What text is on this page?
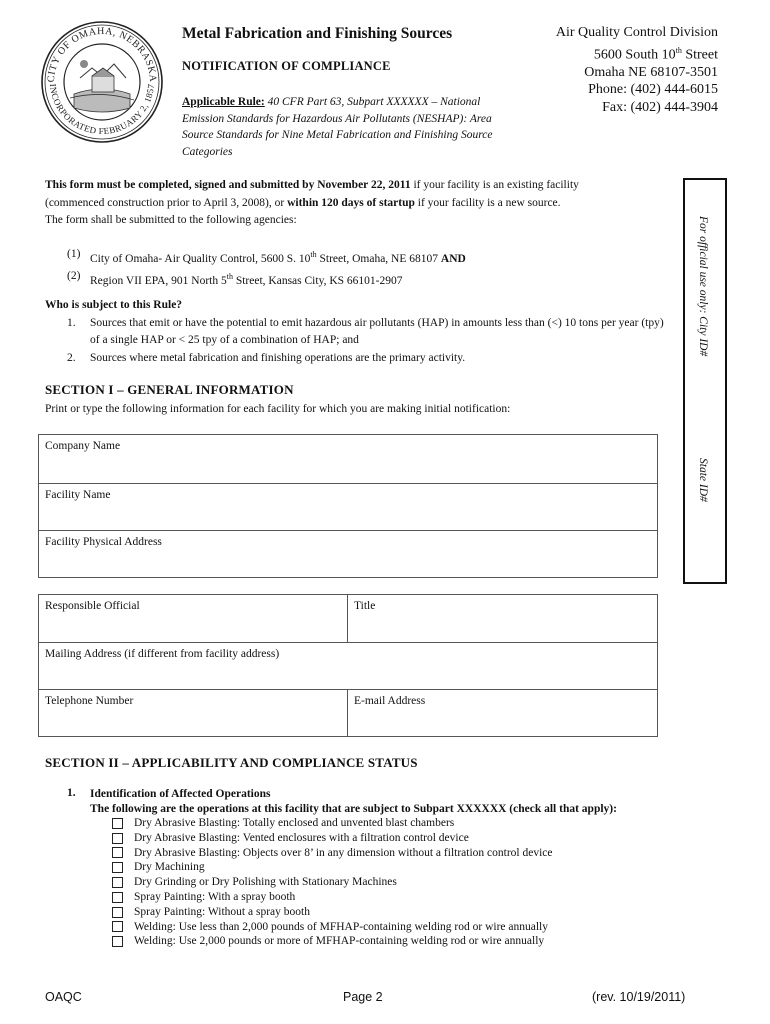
CITY OF OMAHA, NEBRASKA
INCORPORATED FEBRUARY 2, 1857
Metal Fabrication and Finishing Sources
NOTIFICATION OF COMPLIANCE
Applicable Rule: 40 CFR Part 63, Subpart XXXXXX – National Emission Standards for Hazardous Air Pollutants (NESHAP): Area Source Standards for Nine Metal Fabrication and Finishing Source Categories
Air Quality Control Division
5600 South 10th Street
Omaha NE 68107-3501
Phone: (402) 444-6015
Fax: (402) 444-3904
This form must be completed, signed and submitted by November 22, 2011 if your facility is an existing facility
(commenced construction prior to April 3, 2008), or within 120 days of startup if your facility is a new source.
The form shall be submitted to the following agencies:
(1) City of Omaha- Air Quality Control, 5600 S. 10th Street, Omaha, NE 68107 AND
(2) Region VII EPA, 901 North 5th Street, Kansas City, KS 66101-2907
Who is subject to this Rule?
1. Sources that emit or have the potential to emit hazardous air pollutants (HAP) in amounts less than (<) 10 tons per year (tpy) of a single HAP or < 25 tpy of a combination of HAP; and
2. Sources where metal fabrication and finishing operations are the primary activity.
For official use only: City ID#
State ID#
SECTION I – GENERAL INFORMATION
Print or type the following information for each facility for which you are making initial notification:
Company Name
Facility Name
Facility Physical Address
Responsible Official	Title
Mailing Address (if different from facility address)
Telephone Number	E-mail Address
SECTION II – APPLICABILITY AND COMPLIANCE STATUS
1. Identification of Affected Operations
The following are the operations at this facility that are subject to Subpart XXXXXX (check all that apply):
Dry Abrasive Blasting: Totally enclosed and unvented blast chambers
Dry Abrasive Blasting: Vented enclosures with a filtration control device
Dry Abrasive Blasting: Objects over 8’ in any dimension without a filtration control device
Dry Machining
Dry Grinding or Dry Polishing with Stationary Machines
Spray Painting: With a spray booth
Spray Painting: Without a spray booth
Welding: Use less than 2,000 pounds of MFHAP-containing welding rod or wire annually
Welding: Use 2,000 pounds or more of MFHAP-containing welding rod or wire annually
OAQC	Page 2	(rev. 10/19/2011)
